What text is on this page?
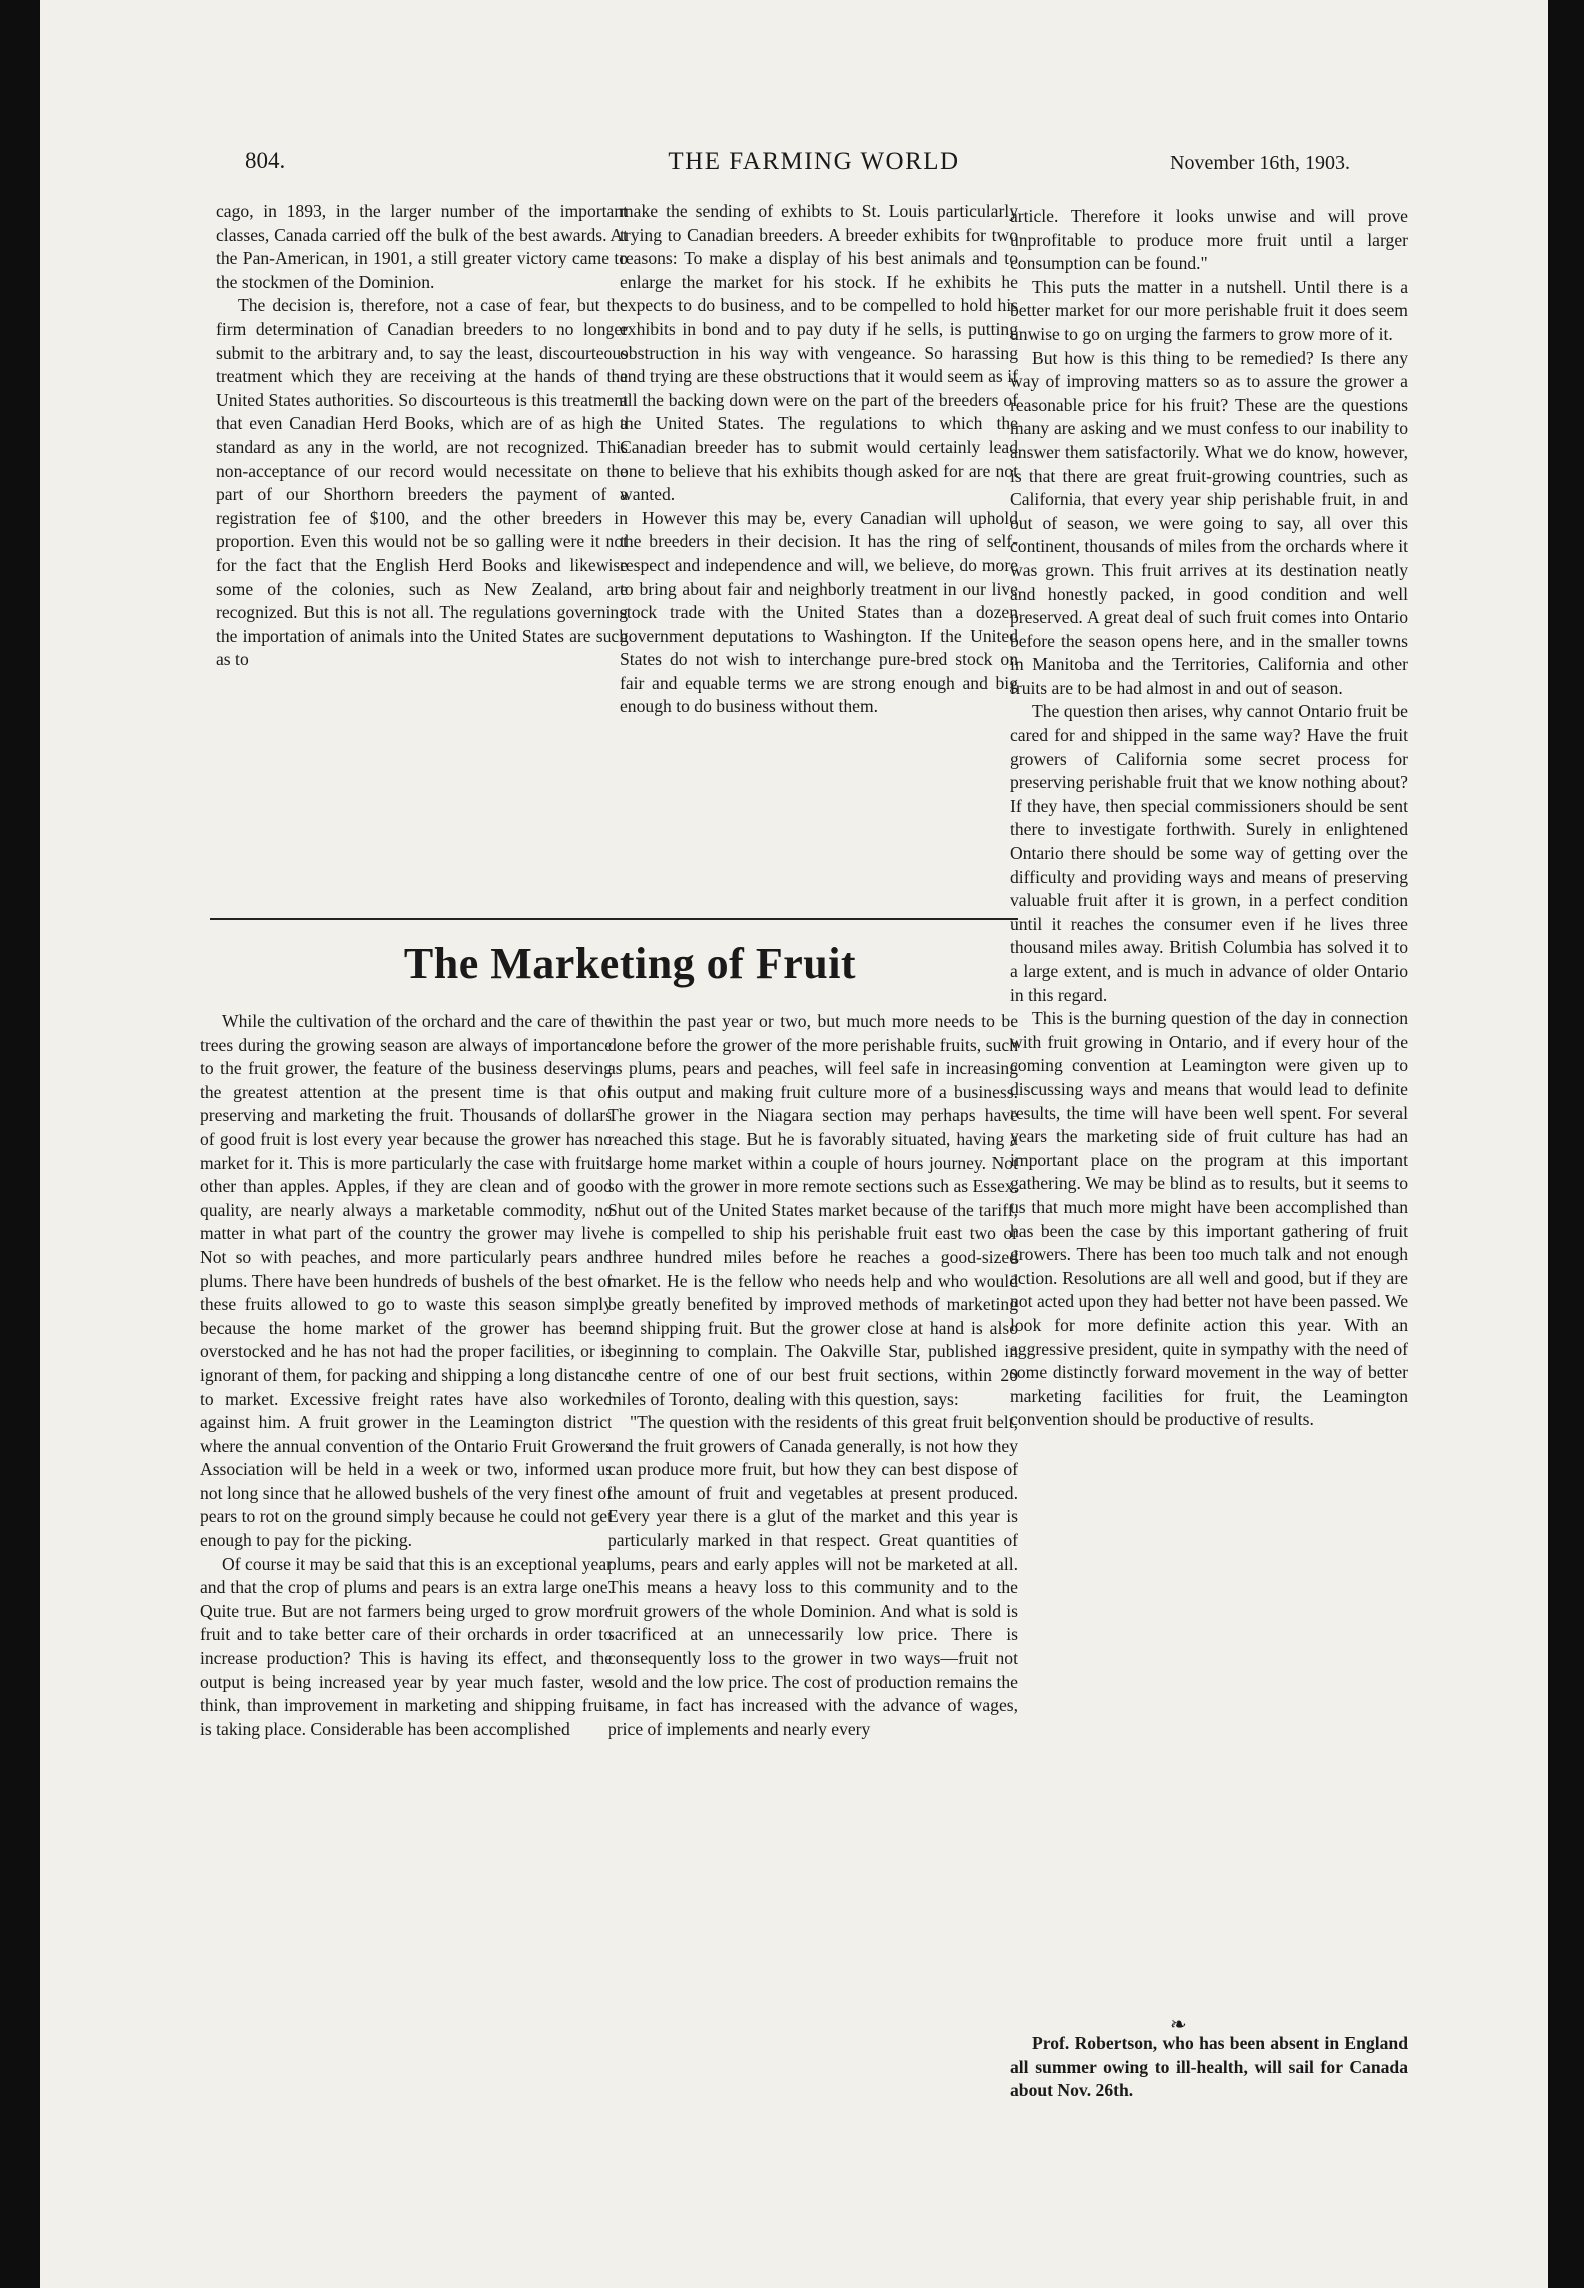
804.	THE FARMING WORLD	November 16th, 1903.

cago, in 1893, in the larger number of the important classes, Canada carried off the bulk of the best awards. At the Pan-American, in 1901, a still greater victory came to the stockmen of the Dominion.

The decision is, therefore, not a case of fear, but the firm determination of Canadian breeders to no longer submit to the arbitrary and, to say the least, discourteous treatment which they are receiving at the hands of the United States authorities. So discourteous is this treatment that even Canadian Herd Books, which are of as high a standard as any in the world, are not recognized. This non-acceptance of our record would necessitate on the part of our Shorthorn breeders the payment of a registration fee of $100, and the other breeders in proportion. Even this would not be so galling were it not for the fact that the English Herd Books and likewise some of the colonies, such as New Zealand, are recognized. But this is not all. The regulations governing the importation of animals into the United States are such as to

make the sending of exhibts to St. Louis particularly trying to Canadian breeders. A breeder exhibits for two reasons: To make a display of his best animals and to enlarge the market for his stock. If he exhibits he expects to do business, and to be compelled to hold his exhibits in bond and to pay duty if he sells, is putting obstruction in his way with vengeance. So harassing and trying are these obstructions that it would seem as if all the backing down were on the part of the breeders of the United States. The regulations to which the Canadian breeder has to submit would certainly lead one to believe that his exhibits though asked for are not wanted.

However this may be, every Canadian will uphold the breeders in their decision. It has the ring of self-respect and independence and will, we believe, do more to bring about fair and neighborly treatment in our live stock trade with the United States than a dozen government deputations to Washington. If the United States do not wish to interchange pure-bred stock on fair and equable terms we are strong enough and big enough to do business without them.

The Marketing of Fruit

While the cultivation of the orchard and the care of the trees during the growing season are always of importance to the fruit grower, the feature of the business deserving the greatest attention at the present time is that of preserving and marketing the fruit. Thousands of dollars of good fruit is lost every year because the grower has no market for it. This is more particularly the case with fruits other than apples. Apples, if they are clean and of good quality, are nearly always a marketable commodity, no matter in what part of the country the grower may live. Not so with peaches, and more particularly pears and plums. There have been hundreds of bushels of the best of these fruits allowed to go to waste this season simply because the home market of the grower has been overstocked and he has not had the proper facilities, or is ignorant of them, for packing and shipping a long distance to market. Excessive freight rates have also worked against him. A fruit grower in the Leamington district where the annual convention of the Ontario Fruit Growers Association will be held in a week or two, informed us not long since that he allowed bushels of the very finest of pears to rot on the ground simply because he could not get enough to pay for the picking.

Of course it may be said that this is an exceptional year and that the crop of plums and pears is an extra large one. Quite true. But are not farmers being urged to grow more fruit and to take better care of their orchards in order to increase production? This is having its effect, and the output is being increased year by year much faster, we think, than improvement in marketing and shipping fruit is taking place. Considerable has been accomplished

within the past year or two, but much more needs to be done before the grower of the more perishable fruits, such as plums, pears and peaches, will feel safe in increasing his output and making fruit culture more of a business. The grower in the Niagara section may perhaps have reached this stage. But he is favorably situated, having a large home market within a couple of hours journey. Not so with the grower in more remote sections such as Essex. Shut out of the United States market because of the tariff, he is compelled to ship his perishable fruit east two or three hundred miles before he reaches a good-sized market. He is the fellow who needs help and who would be greatly benefited by improved methods of marketing and shipping fruit. But the grower close at hand is also beginning to complain. The Oakville Star, published in the centre of one of our best fruit sections, within 20 miles of Toronto, dealing with this question, says:

"The question with the residents of this great fruit belt, and the fruit growers of Canada generally, is not how they can produce more fruit, but how they can best dispose of the amount of fruit and vegetables at present produced. Every year there is a glut of the market and this year is particularly marked in that respect. Great quantities of plums, pears and early apples will not be marketed at all. This means a heavy loss to this community and to the fruit growers of the whole Dominion. And what is sold is sacrificed at an unnecessarily low price. There is consequently loss to the grower in two ways—fruit not sold and the low price. The cost of production remains the same, in fact has increased with the advance of wages, price of implements and nearly every

article. Therefore it looks unwise and will prove unprofitable to produce more fruit until a larger consumption can be found."

This puts the matter in a nutshell. Until there is a better market for our more perishable fruit it does seem unwise to go on urging the farmers to grow more of it.

But how is this thing to be remedied? Is there any way of improving matters so as to assure the grower a reasonable price for his fruit? These are the questions many are asking and we must confess to our inability to answer them satisfactorily. What we do know, however, is that there are great fruit-growing countries, such as California, that every year ship perishable fruit, in and out of season, we were going to say, all over this continent, thousands of miles from the orchards where it was grown. This fruit arrives at its destination neatly and honestly packed, in good condition and well preserved. A great deal of such fruit comes into Ontario before the season opens here, and in the smaller towns in Manitoba and the Territories, California and other fruits are to be had almost in and out of season.

The question then arises, why cannot Ontario fruit be cared for and shipped in the same way? Have the fruit growers of California some secret process for preserving perishable fruit that we know nothing about? If they have, then special commissioners should be sent there to investigate forthwith. Surely in enlightened Ontario there should be some way of getting over the difficulty and providing ways and means of preserving valuable fruit after it is grown, in a perfect condition until it reaches the consumer even if he lives three thousand miles away. British Columbia has solved it to a large extent, and is much in advance of older Ontario in this regard.

This is the burning question of the day in connection with fruit growing in Ontario, and if every hour of the coming convention at Leamington were given up to discussing ways and means that would lead to definite results, the time will have been well spent. For several years the marketing side of fruit culture has had an important place on the program at this important gathering. We may be blind as to results, but it seems to us that much more might have been accomplished than has been the case by this important gathering of fruit growers. There has been too much talk and not enough action. Resolutions are all well and good, but if they are not acted upon they had better not have been passed. We look for more definite action this year. With an aggressive president, quite in sympathy with the need of some distinctly forward movement in the way of better marketing facilities for fruit, the Leamington convention should be productive of results.

❧

Prof. Robertson, who has been absent in England all summer owing to ill-health, will sail for Canada about Nov. 26th.
